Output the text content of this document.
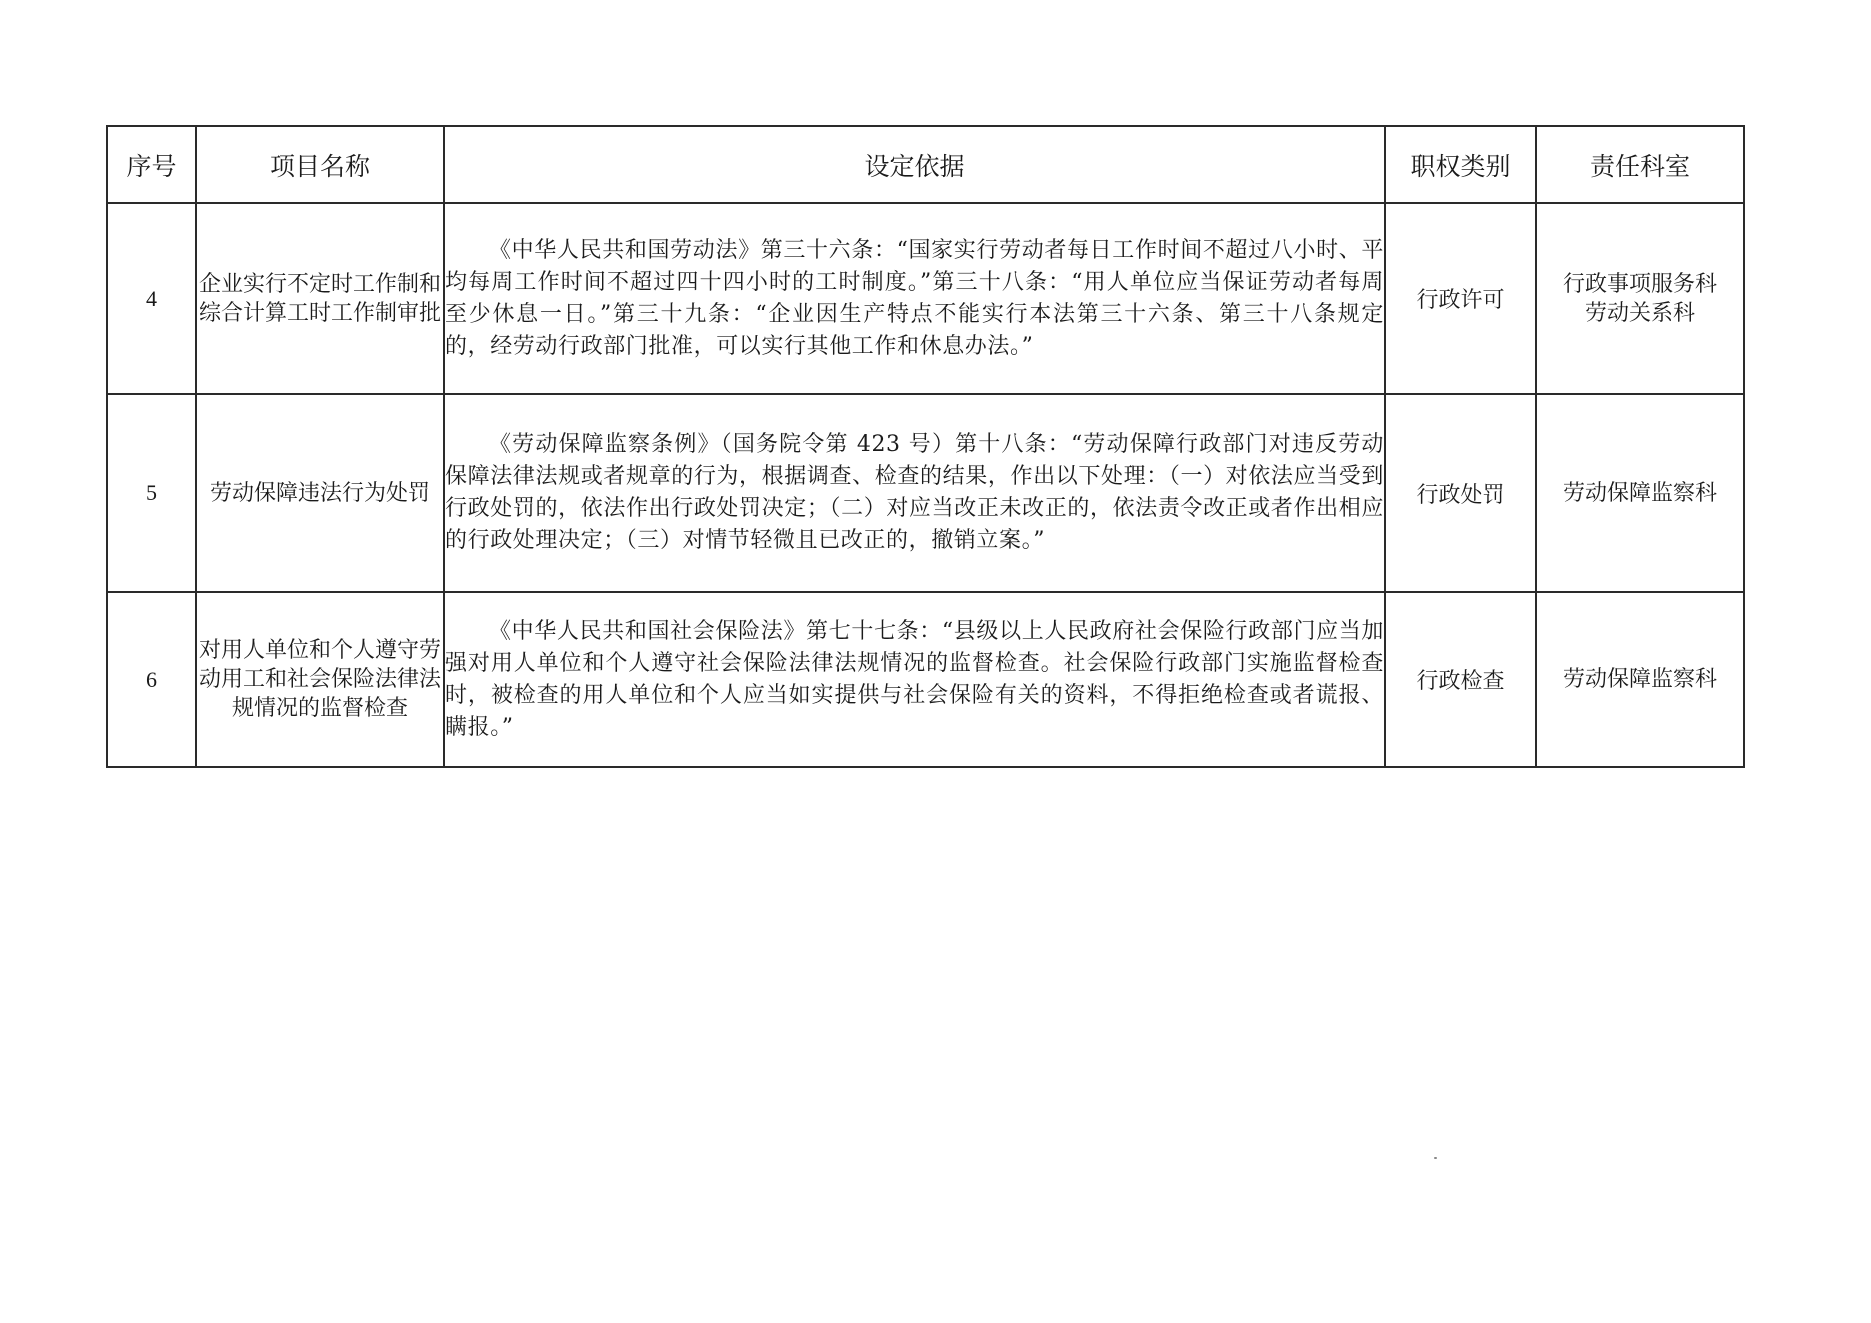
序号	项目名称	设定依据	职权类别	责任科室
4	企业实行不定时工作制和综合计算工时工作制审批	《中华人民共和国劳动法》第三十六条：“国家实行劳动者每日工作时间不超过八小时、平均每周工作时间不超过四十四小时的工时制度。”第三十八条：“用人单位应当保证劳动者每周至少休息一日。”第三十九条：“企业因生产特点不能实行本法第三十六条、第三十八条规定的，经劳动行政部门批准，可以实行其他工作和休息办法。”	行政许可	行政事项服务科
劳动关系科

5	劳动保障违法行为处罚	《劳动保障监察条例》（国务院令第 423 号）第十八条：“劳动保障行政部门对违反劳动保障法律法规或者规章的行为，根据调查、检查的结果，作出以下处理：（一）对依法应当受到行政处罚的，依法作出行政处罚决定；（二）对应当改正未改正的，依法责令改正或者作出相应的行政处理决定；（三）对情节轻微且已改正的，撤销立案。”	行政处罚	劳动保障监察科

6	对用人单位和个人遵守劳动用工和社会保险法律法规情况的监督检查	《中华人民共和国社会保险法》第七十七条：“县级以上人民政府社会保险行政部门应当加强对用人单位和个人遵守社会保险法律法规情况的监督检查。社会保险行政部门实施监督检查时，被检查的用人单位和个人应当如实提供与社会保险有关的资料，不得拒绝检查或者谎报、瞒报。”	行政检查	劳动保障监察科
